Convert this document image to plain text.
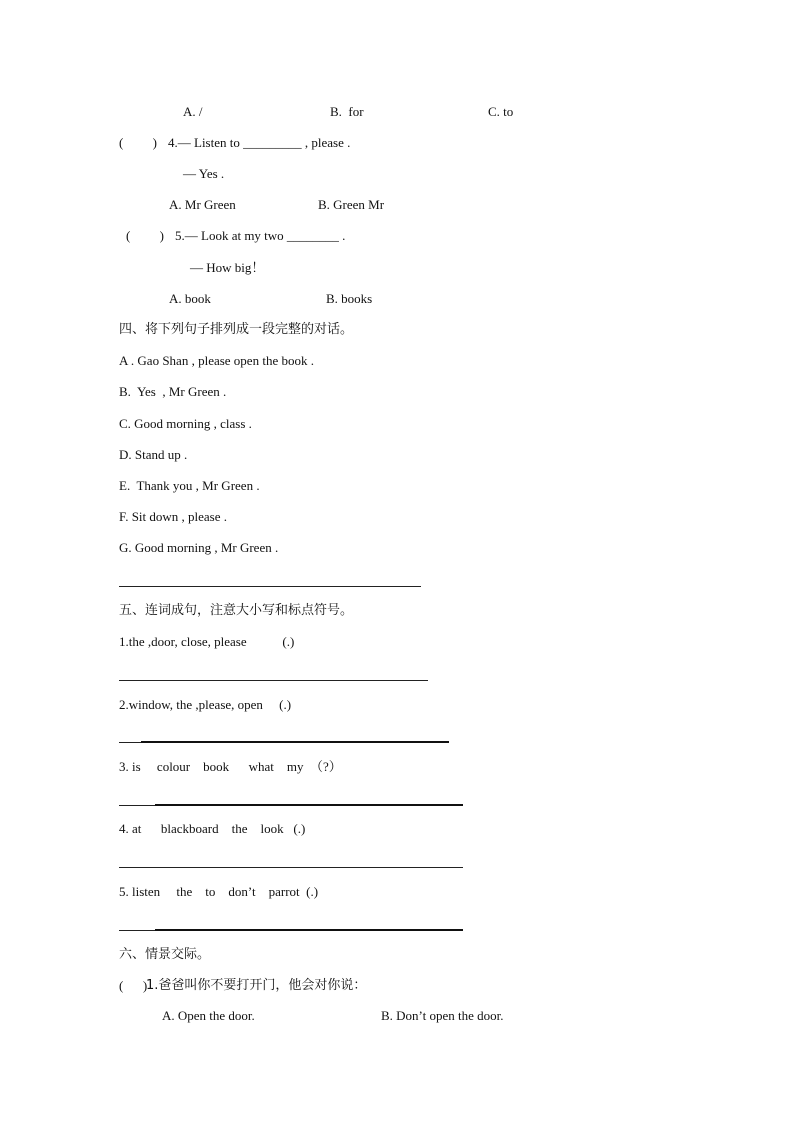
A. /	B.  for	C. to
(         ) 4.— Listen to _________ , please .
— Yes .
A. Mr Green	B. Green Mr
(         ) 5.— Look at my two ________ .
— How big！
A. book	B. books
四、将下列句子排列成一段完整的对话。
A . Gao Shan , please open the book .
B.  Yes  , Mr Green .
C. Good morning , class .
D. Stand up .
E.  Thank you , Mr Green .
F. Sit down , please .
G. Good morning , Mr Green .
五、连词成句，注意大小写和标点符号。
1.the ,door, close, please           (.)
2.window, the ,please, open     (.)
3. is     colour    book      what    my  （?）
4. at      blackboard    the    look   (.)
5. listen     the    to    don’t    parrot  (.)
六、情景交际。
(      )
1.爸爸叫你不要打开门，他会对你说：
A. Open the door.	B. Don’t open the door.
